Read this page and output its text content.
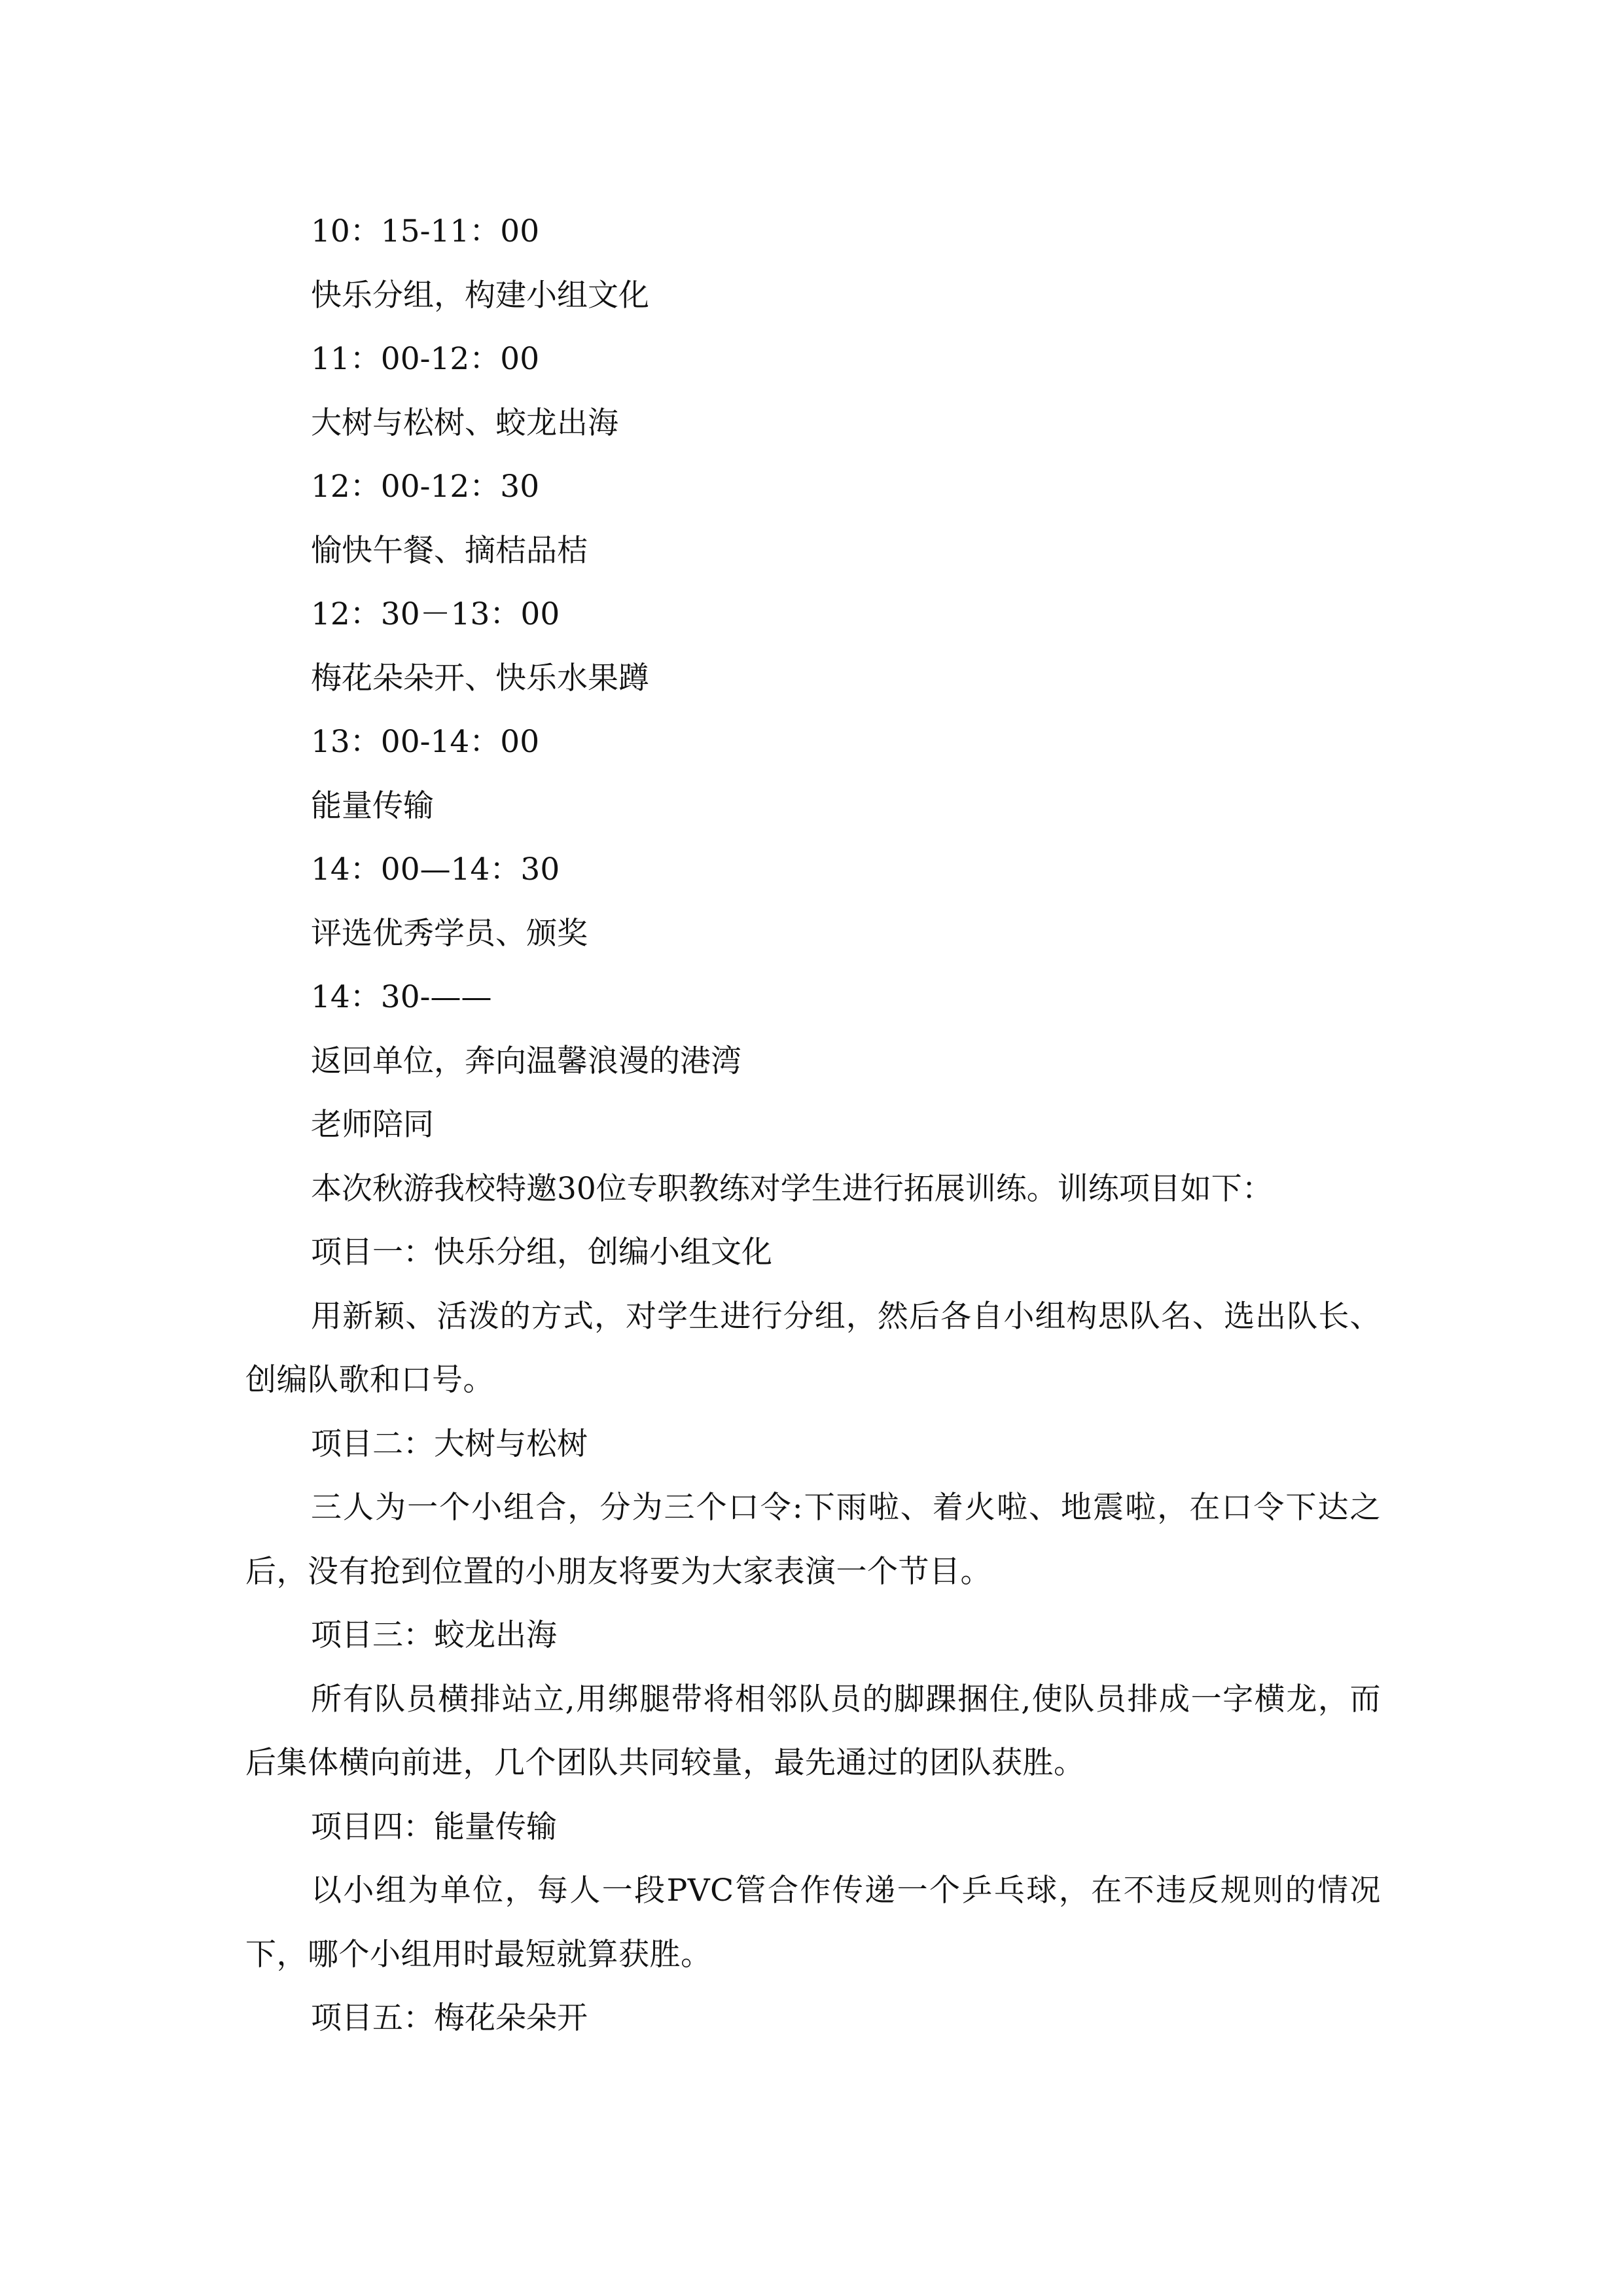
10：15-11：00

快乐分组，构建小组文化

11：00-12：00

大树与松树、蛟龙出海

12：00-12：30

愉快午餐、摘桔品桔

12：30－13：00

梅花朵朵开、快乐水果蹲

13：00-14：00

能量传输

14：00—14：30

评选优秀学员、颁奖

14：30-——

返回单位，奔向温馨浪漫的港湾

老师陪同

本次秋游我校特邀30位专职教练对学生进行拓展训练。训练项目如下：

项目一：快乐分组，创编小组文化

用新颖、活泼的方式，对学生进行分组，然后各自小组构思队名、选出队长、创编队歌和口号。

项目二：大树与松树

三人为一个小组合，分为三个口令:下雨啦、着火啦、地震啦，在口令下达之后，没有抢到位置的小朋友将要为大家表演一个节目。

项目三：蛟龙出海

所有队员横排站立,用绑腿带将相邻队员的脚踝捆住,使队员排成一字横龙，而后集体横向前进，几个团队共同较量，最先通过的团队获胜。

项目四：能量传输

以小组为单位，每人一段PVC管合作传递一个乒乓球，在不违反规则的情况下，哪个小组用时最短就算获胜。

项目五：梅花朵朵开
